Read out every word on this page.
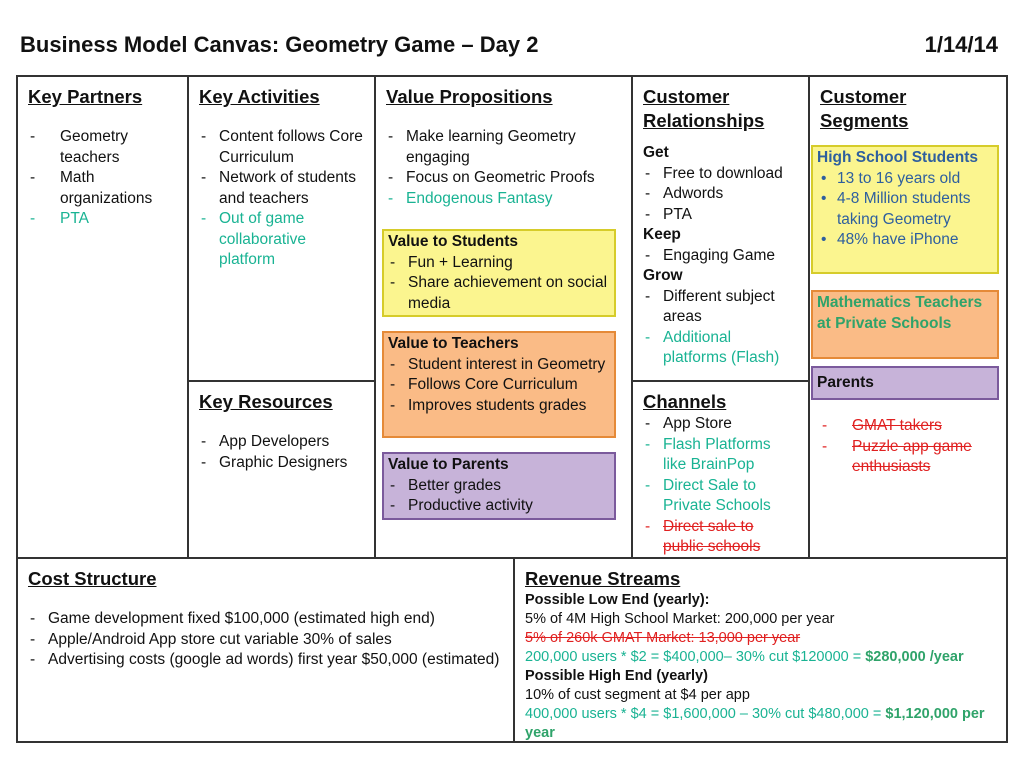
Business Model Canvas: Geometry Game – Day 2	1/14/14
Key Partners
- Geometry teachers
- Math organizations
- PTA
Key Activities
- Content follows Core Curriculum
- Network of students and teachers
- Out of game collaborative platform
Key Resources
- App Developers
- Graphic Designers
Value Propositions
- Make learning Geometry engaging
- Focus on Geometric Proofs
- Endogenous Fantasy
Value to Students
- Fun + Learning
- Share achievement on social media
Value to Teachers
- Student interest in Geometry
- Follows Core Curriculum
- Improves students grades
Value to Parents
- Better grades
- Productive activity
Customer Relationships
Get
- Free to download
- Adwords
- PTA
Keep
- Engaging Game
Grow
- Different subject areas
- Additional platforms (Flash)
Channels
- App Store
- Flash Platforms like BrainPop
- Direct Sale to Private Schools
- Direct sale to public schools
Customer Segments
High School Students
• 13 to 16 years old
• 4-8 Million students taking Geometry
• 48% have iPhone
Mathematics Teachers at Private Schools
Parents
- GMAT takers
- Puzzle app game enthusiasts
Cost Structure
- Game development fixed $100,000 (estimated high end)
- Apple/Android App store cut variable 30% of sales
- Advertising costs (google ad words) first year $50,000 (estimated)
Revenue Streams
Possible Low End (yearly):
5% of 4M High School Market: 200,000 per year
5% of 260k GMAT Market: 13,000 per year
200,000 users * $2 = $400,000– 30% cut $120000 = $280,000 /year
Possible High End (yearly)
10% of cust segment at $4 per app
400,000 users * $4 = $1,600,000 – 30% cut $480,000 = $1,120,000 per year
